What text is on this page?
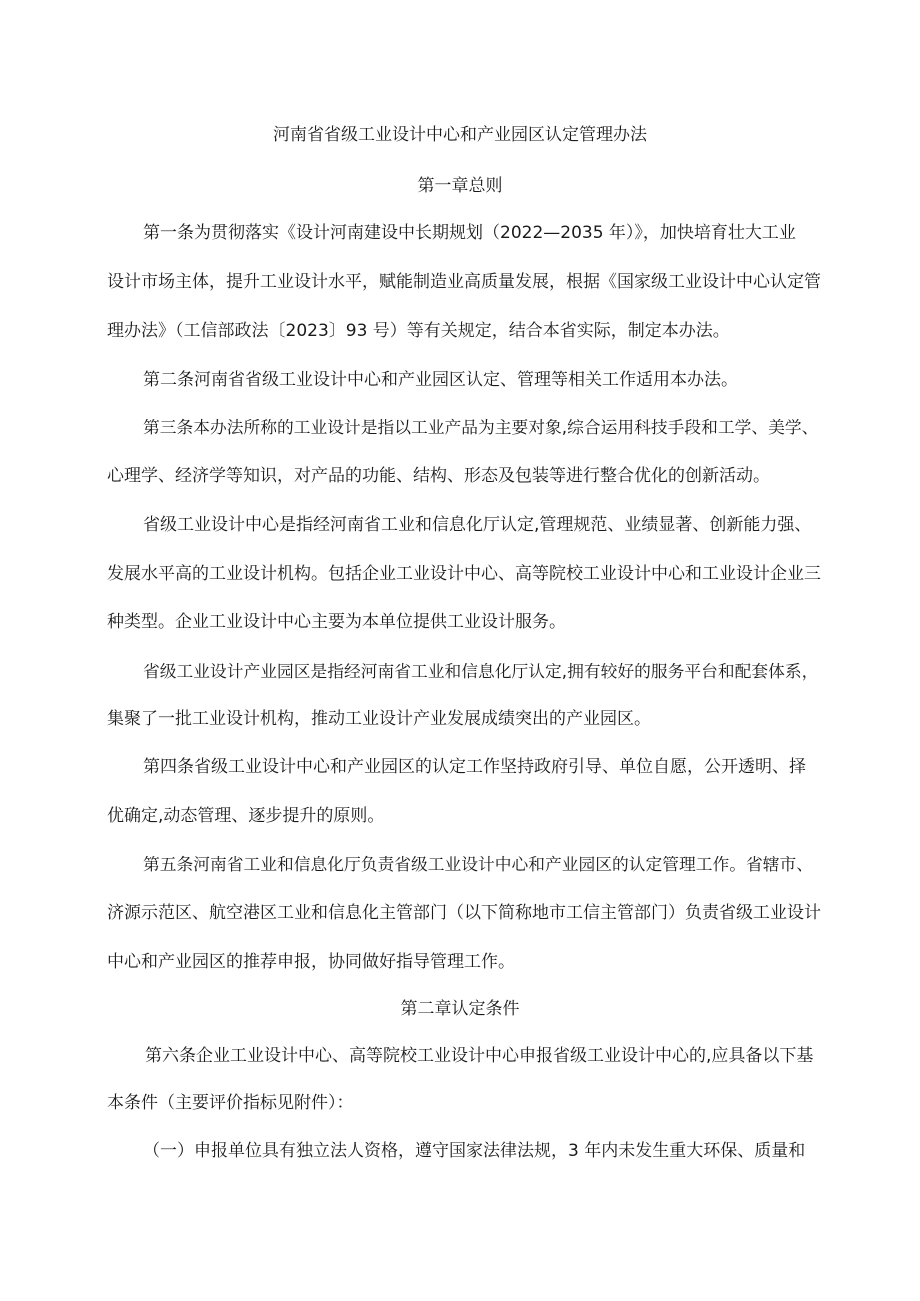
河南省省级工业设计中心和产业园区认定管理办法
第一章总则
第一条为贯彻落实《设计河南建设中长期规划（2022—2035 年）》，加快培育壮大工业
设计市场主体，提升工业设计水平，赋能制造业高质量发展，根据《国家级工业设计中心认定管
理办法》（工信部政法〔2023〕93 号）等有关规定，结合本省实际，制定本办法。
第二条河南省省级工业设计中心和产业园区认定、管理等相关工作适用本办法。
第三条本办法所称的工业设计是指以工业产品为主要对象,综合运用科技手段和工学、美学、
心理学、经济学等知识，对产品的功能、结构、形态及包装等进行整合优化的创新活动。
省级工业设计中心是指经河南省工业和信息化厅认定,管理规范、业绩显著、创新能力强、
发展水平高的工业设计机构。包括企业工业设计中心、高等院校工业设计中心和工业设计企业三
种类型。企业工业设计中心主要为本单位提供工业设计服务。
省级工业设计产业园区是指经河南省工业和信息化厅认定,拥有较好的服务平台和配套体系，
集聚了一批工业设计机构，推动工业设计产业发展成绩突出的产业园区。
第四条省级工业设计中心和产业园区的认定工作坚持政府引导、单位自愿，公开透明、择
优确定,动态管理、逐步提升的原则。
第五条河南省工业和信息化厅负责省级工业设计中心和产业园区的认定管理工作。省辖市、
济源示范区、航空港区工业和信息化主管部门（以下简称地市工信主管部门）负责省级工业设计
中心和产业园区的推荐申报，协同做好指导管理工作。
第二章认定条件
第六条企业工业设计中心、高等院校工业设计中心申报省级工业设计中心的,应具备以下基
本条件（主要评价指标见附件）：
（一）申报单位具有独立法人资格，遵守国家法律法规，3 年内未发生重大环保、质量和
